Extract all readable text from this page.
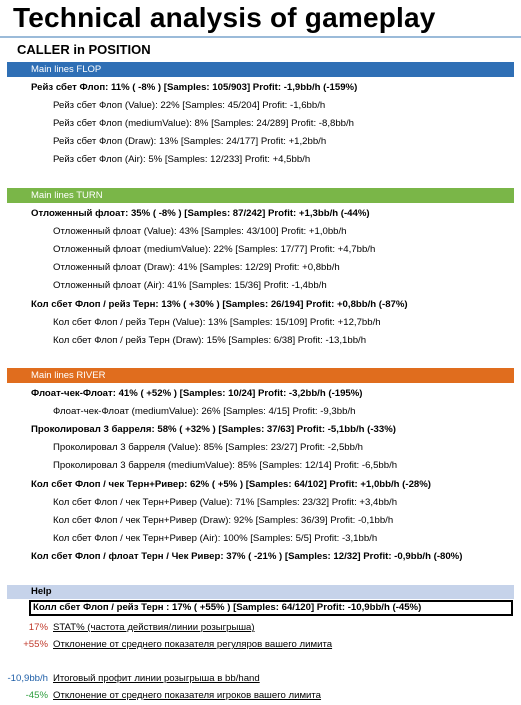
Technical analysis of gameplay
CALLER in POSITION
Main lines FLOP
Рейз сбет Флоп: 11% ( -8% ) [Samples: 105/903] Profit: -1,9bb/h (-159%)
Рейз сбет Флоп (Value): 22% [Samples: 45/204] Profit: -1,6bb/h
Рейз сбет Флоп (mediumValue): 8% [Samples: 24/289] Profit: -8,8bb/h
Рейз сбет Флоп (Draw): 13% [Samples: 24/177] Profit: +1,2bb/h
Рейз сбет Флоп (Air): 5% [Samples: 12/233] Profit: +4,5bb/h
Main lines TURN
Отложенный флоат: 35% ( -8% ) [Samples: 87/242] Profit: +1,3bb/h (-44%)
Отложенный флоат (Value): 43% [Samples: 43/100] Profit: +1,0bb/h
Отложенный флоат (mediumValue): 22% [Samples: 17/77] Profit: +4,7bb/h
Отложенный флоат (Draw): 41% [Samples: 12/29] Profit: +0,8bb/h
Отложенный флоат (Air): 41% [Samples: 15/36] Profit: -1,4bb/h
Кол сбет Флоп / рейз Терн: 13% ( +30% ) [Samples: 26/194] Profit: +0,8bb/h (-87%)
Кол сбет Флоп / рейз Терн (Value): 13% [Samples: 15/109] Profit: +12,7bb/h
Кол сбет Флоп / рейз Терн (Draw): 15% [Samples: 6/38] Profit: -13,1bb/h
Main lines RIVER
Флоат-чек-Флоат: 41% ( +52% ) [Samples: 10/24] Profit: -3,2bb/h (-195%)
Флоат-чек-Флоат (mediumValue): 26% [Samples: 4/15] Profit: -9,3bb/h
Проколировал 3 барреля: 58% ( +32% ) [Samples: 37/63] Profit: -5,1bb/h (-33%)
Проколировал 3 барреля (Value): 85% [Samples: 23/27] Profit: -2,5bb/h
Проколировал 3 барреля (mediumValue): 85% [Samples: 12/14] Profit: -6,5bb/h
Кол сбет Флоп / чек Терн+Ривер: 62% ( +5% ) [Samples: 64/102] Profit: +1,0bb/h (-28%)
Кол сбет Флоп / чек Терн+Ривер (Value): 71% [Samples: 23/32] Profit: +3,4bb/h
Кол сбет Флоп / чек Терн+Ривер (Draw): 92% [Samples: 36/39] Profit: -0,1bb/h
Кол сбет Флоп / чек Терн+Ривер (Air): 100% [Samples: 5/5] Profit: -3,1bb/h
Кол сбет Флоп / флоат Терн / Чек Ривер: 37% ( -21% ) [Samples: 12/32] Profit: -0,9bb/h (-80%)
Help
Колл сбет Флоп / рейз Терн : 17% ( +55% ) [Samples: 64/120] Profit: -10,9bb/h (-45%)
17% STAT% (частота действия/линии розыгрыша)
+55% Отклонение от среднего показателя регуляров вашего лимита
-10,9bb/h Итоговый профит линии розыгрыша в bb/hand
-45% Отклонение от среднего показателя игроков вашего лимита
